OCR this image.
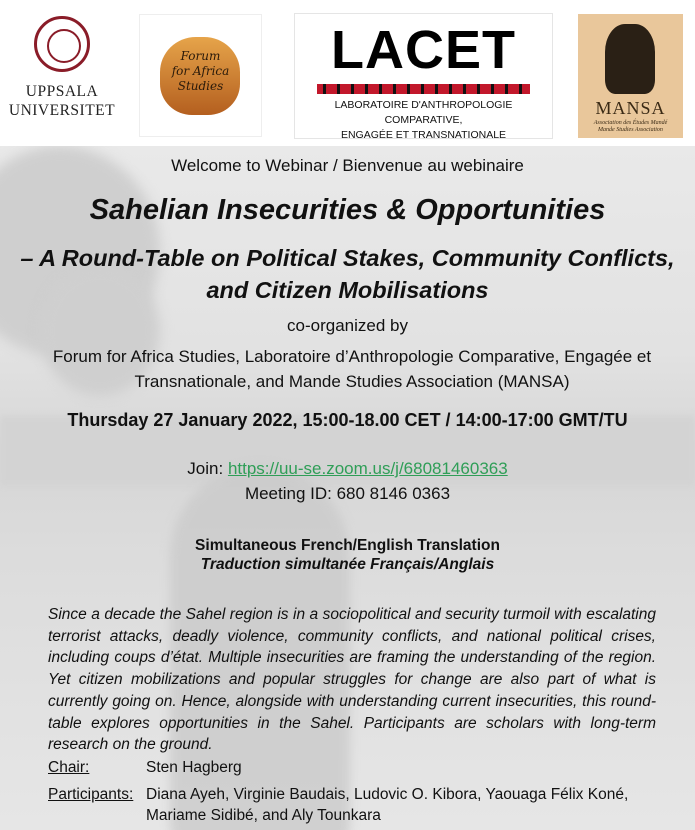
UPPSALA
UNIVERSITET
Forum
for Africa
Studies
LACET
LABORATOIRE D'ANTHROPOLOGIE COMPARATIVE,
ENGAGÉE ET TRANSNATIONALE
MANSA
Association des Études Mandé
Mande Studies Association
Welcome to Webinar / Bienvenue au webinaire
Sahelian Insecurities & Opportunities
– A Round-Table on Political Stakes, Community Conflicts, and Citizen Mobilisations
co-organized by
Forum for Africa Studies, Laboratoire d’Anthropologie Comparative, Engagée et Transnationale, and Mande Studies Association (MANSA)
Thursday 27 January 2022, 15:00-18.00 CET / 14:00-17:00 GMT/TU
Join: https://uu-se.zoom.us/j/68081460363
Meeting ID: 680 8146 0363
Simultaneous French/English Translation
Traduction simultanée Français/Anglais
Since a decade the Sahel region is in a sociopolitical and security turmoil with escalating terrorist attacks, deadly violence, community conflicts, and national political crises, including coups d’état. Multiple insecurities are framing the understanding of the region. Yet citizen mobilizations and popular struggles for change are also part of what is currently going on. Hence, alongside with understanding current insecurities, this round-table explores opportunities in the Sahel. Participants are scholars with long-term research on the ground.
Chair:	Sten Hagberg
Participants: Diana Ayeh, Virginie Baudais, Ludovic O. Kibora, Yaouaga Félix Koné, Mariame Sidibé, and Aly Tounkara
